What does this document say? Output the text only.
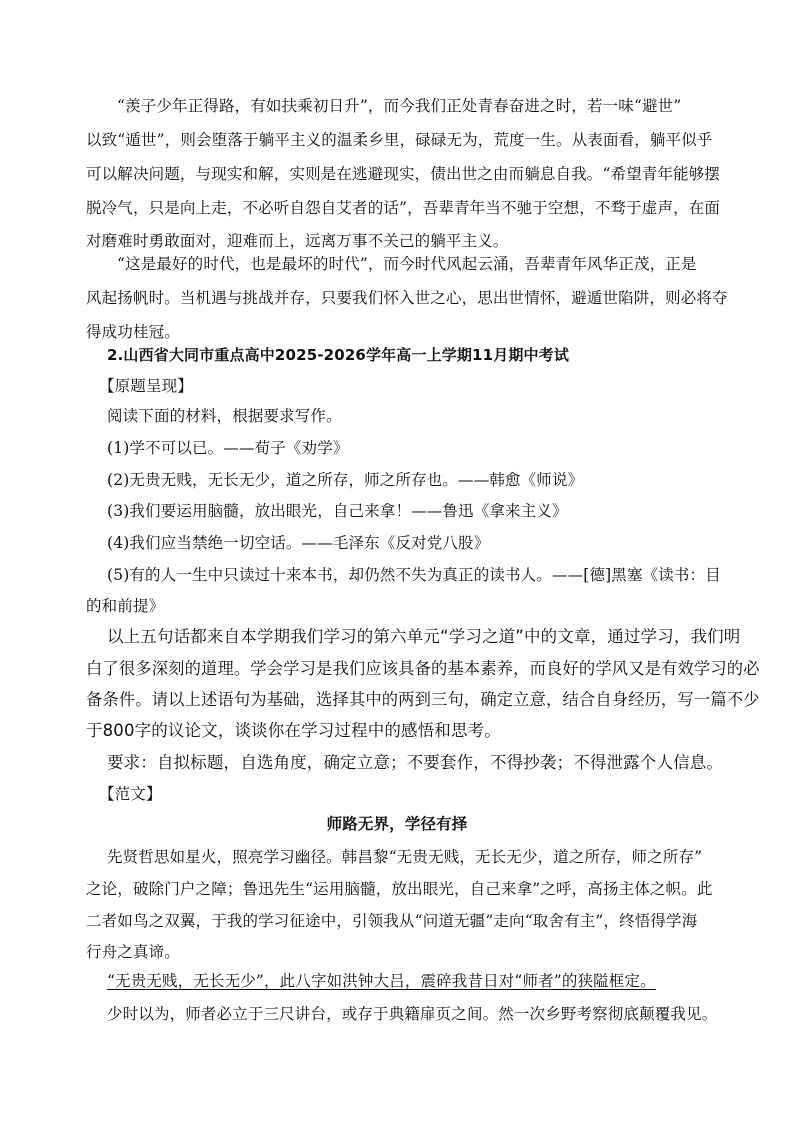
“羡子少年正得路，有如扶乘初日升”，而今我们正处青春奋进之时，若一味“避世”
以致“遁世”，则会堕落于躺平主义的温柔乡里，碌碌无为，荒度一生。从表面看，躺平似乎
可以解决问题，与现实和解，实则是在逃避现实，债出世之由而躺息自我。“希望青年能够摆
脱冷气，只是向上走，不必听自怨自艾者的话”，吾辈青年当不驰于空想，不骛于虚声，在面
对磨难时勇敢面对，迎难而上，远离万事不关己的躺平主义。
“这是最好的时代，也是最坏的时代”，而今时代风起云涌，吾辈青年风华正茂，正是
风起扬帆时。当机遇与挑战并存，只要我们怀入世之心，思出世情怀，避遁世陷阱，则必将夺
得成功桂冠。
2.山西省大同市重点高中2025-2026学年高一上学期11月期中考试
【原题呈现】
阅读下面的材料，根据要求写作。
(1)学不可以已。——荀子《劝学》
(2)无贵无贱，无长无少，道之所存，师之所存也。——韩愈《师说》
(3)我们要运用脑髓，放出眼光，自己来拿！——鲁迅《拿来主义》
(4)我们应当禁绝一切空话。——毛泽东《反对党八股》
(5)有的人一生中只读过十来本书，却仍然不失为真正的读书人。——[德]黑塞《读书：目
的和前提》
以上五句话都来自本学期我们学习的第六单元“学习之道”中的文章，通过学习，我们明
白了很多深刻的道理。学会学习是我们应该具备的基本素养，而良好的学风又是有效学习的必
备条件。请以上述语句为基础，选择其中的两到三句，确定立意，结合自身经历，写一篇不少
于800字的议论文，谈谈你在学习过程中的感悟和思考。
要求：自拟标题，自选角度，确定立意；不要套作，不得抄袭；不得泄露个人信息。
【范文】
师路无界，学径有择
先贤哲思如星火，照亮学习幽径。韩昌黎“无贵无贱，无长无少，道之所存，师之所存”
之论，破除门户之障；鲁迅先生“运用脑髓，放出眼光，自己来拿”之呼，高扬主体之帜。此
二者如鸟之双翼，于我的学习征途中，引领我从“问道无疆”走向“取舍有主”，终悟得学海
行舟之真谛。
“无贵无贱，无长无少”，此八字如洪钟大吕，震碎我昔日对“师者”的狭隘框定。
少时以为，师者必立于三尺讲台，或存于典籍扉页之间。然一次乡野考察彻底颠覆我见。
